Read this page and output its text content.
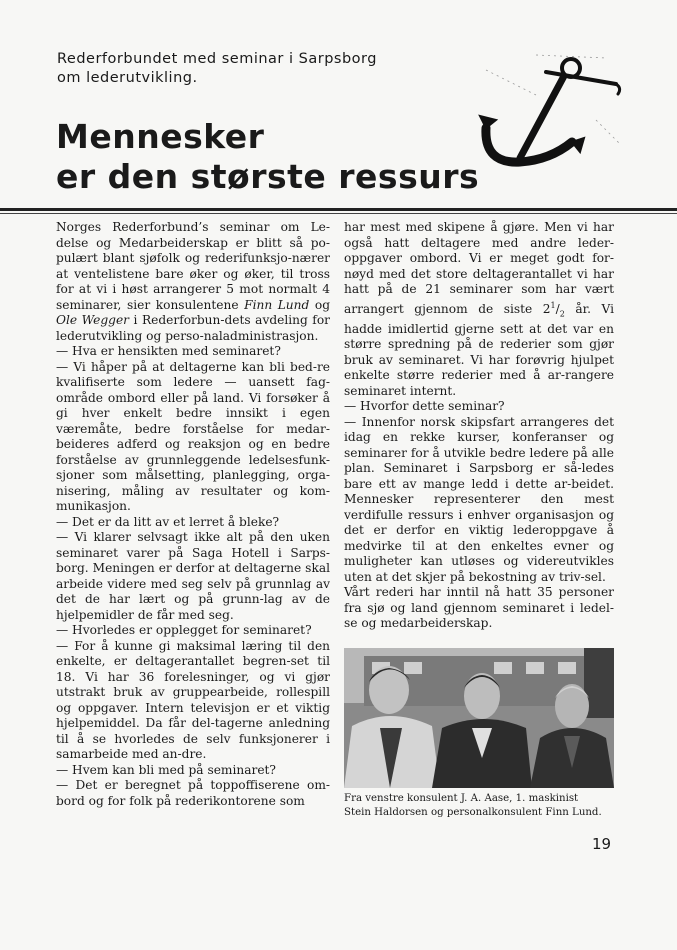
Rederforbundet med seminar i Sarpsborg
om lederutvikling.
Mennesker
er den største ressurs

Norges Rederforbund’s seminar om Le-delse og Medarbeiderskap er blitt så po-pulært blant sjøfolk og rederifunksjo-nærer at ventelistene bare øker og øker, til tross for at vi i høst arrangerer 5 mot normalt 4 seminarer, sier konsulentene Finn Lund og Ole Wegger i Rederforbun-dets avdeling for lederutvikling og perso-naladministrasjon.

— Hva er hensikten med seminaret?

— Vi håper på at deltagerne kan bli bed-re kvalifiserte som ledere — uansett fag-område ombord eller på land. Vi forsøker å gi hver enkelt bedre innsikt i egen væremåte, bedre forståelse for medar-beideres adferd og reaksjon og en bedre forståelse av grunnleggende ledelsesfunk-sjoner som målsetting, planlegging, orga-nisering, måling av resultater og kom-munikasjon.

— Det er da litt av et lerret å bleke?

— Vi klarer selvsagt ikke alt på den uken seminaret varer på Saga Hotell i Sarps-borg. Meningen er derfor at deltagerne skal arbeide videre med seg selv på grunnlag av det de har lært og på grunn-lag av de hjelpemidler de får med seg.

— Hvorledes er opplegget for seminaret?

— For å kunne gi maksimal læring til den enkelte, er deltagerantallet begren-set til 18. Vi har 36 forelesninger, og vi gjør utstrakt bruk av gruppearbeide, rollespill og oppgaver. Intern televisjon er et viktig hjelpemiddel. Da får del-tagerne anledning til å se hvorledes de selv funksjonerer i samarbeide med an-dre.

— Hvem kan bli med på seminaret?

— Det er beregnet på toppoffiserene om-bord og for folk på rederikontorene som

har mest med skipene å gjøre. Men vi har også hatt deltagere med andre leder-oppgaver ombord. Vi er meget godt for-nøyd med det store deltagerantallet vi har hatt på de 21 seminarer som har vært arrangert gjennom de siste $2^1/_2$ år. Vi hadde imidlertid gjerne sett at det var en større spredning på de rederier som gjør bruk av seminaret. Vi har forøvrig hjulpet enkelte større rederier med å ar-rangere seminaret internt.

— Hvorfor dette seminar?

— Innenfor norsk skipsfart arrangeres det idag en rekke kurser, konferanser og seminarer for å utvikle bedre ledere på alle plan. Seminaret i Sarpsborg er så-ledes bare ett av mange ledd i dette ar-beidet. Mennesker representerer den mest verdifulle ressurs i enhver organisasjon og det er derfor en viktig lederoppgave å medvirke til at den enkeltes evner og muligheter kan utløses og videreutvikles uten at det skjer på bekostning av triv-sel.

Vårt rederi har inntil nå hatt 35 personer fra sjø og land gjennom seminaret i ledel-se og medarbeiderskap.

Fra venstre konsulent J. A. Aase, 1. maskinist
Stein Haldorsen og personalkonsulent Finn Lund.
19
